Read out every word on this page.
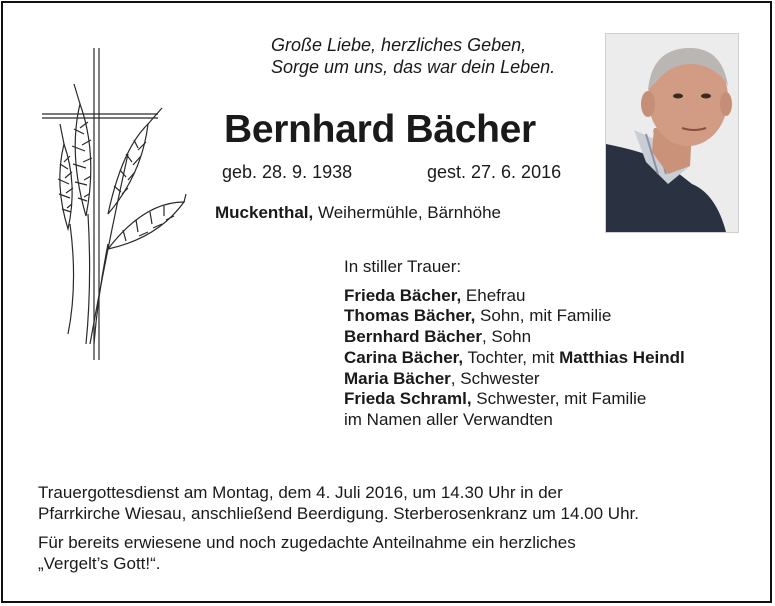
Große Liebe, herzliches Geben,
Sorge um uns, das war dein Leben.
Bernhard Bächer
geb. 28. 9. 1938	gest. 27. 6. 2016
Muckenthal, Weihermühle, Bärnhöhe
In stiller Trauer:
Frieda Bächer, Ehefrau
Thomas Bächer, Sohn, mit Familie
Bernhard Bächer, Sohn
Carina Bächer, Tochter, mit Matthias Heindl
Maria Bächer, Schwester
Frieda Schraml, Schwester, mit Familie
im Namen aller Verwandten
Trauergottesdienst am Montag, dem 4. Juli 2016, um 14.30 Uhr in der
Pfarrkirche Wiesau, anschließend Beerdigung. Sterberosenkranz um 14.00 Uhr.
Für bereits erwiesene und noch zugedachte Anteilnahme ein herzliches
„Vergelt’s Gott!“.
